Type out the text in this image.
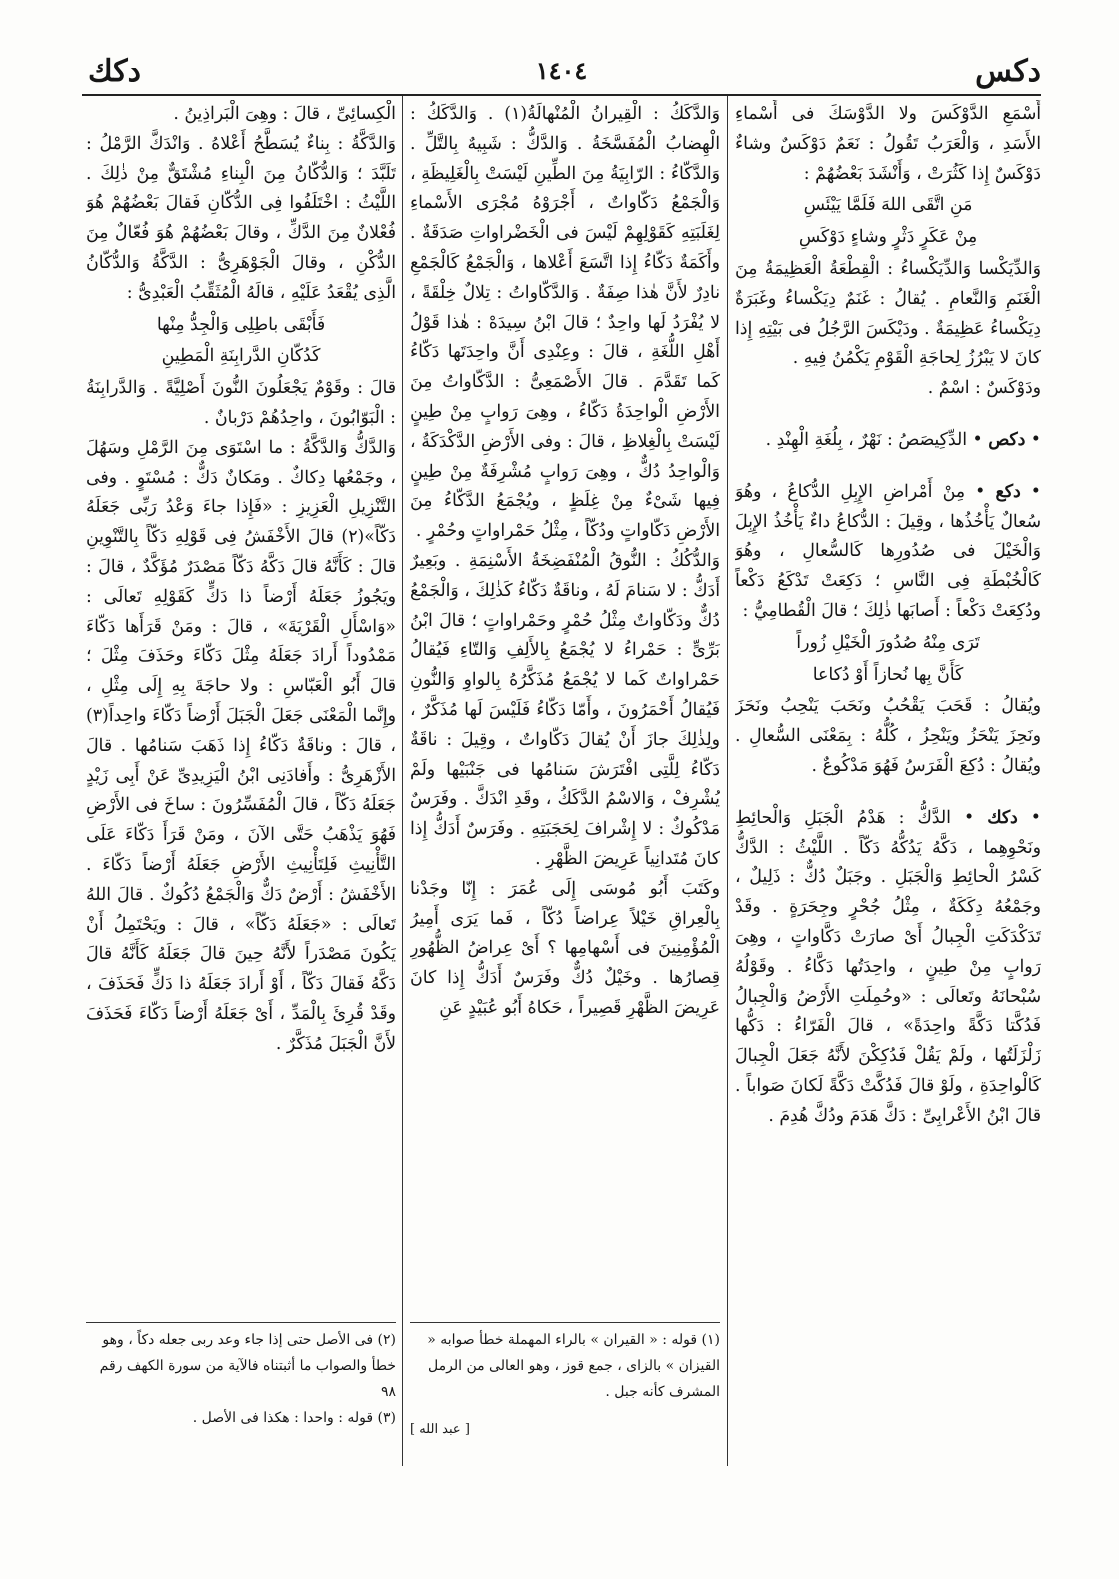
دكس
١٤٠٤
دكك

أَسْمَعِ الدَّوْكَسَ ولا الدَّوْسَكَ فى أَسْماءِ الأَسَدِ ، وَالْعَرَبُ تَقُولُ : نَعَمٌ دَوْكَسٌ وشاءٌ دَوْكَسٌ إِذا كَثُرَتْ ، وَأَنْشَدَ بَعْضُهُمْ :

مَنِ اتَّقَى اللهَ فَلَمَّا يَيْئَسِ

مِنْ عَكَرٍ دَثْرٍ وشاءٍ دَوْكَسِ

وَالدِّيَكْسا وَالدِّيَكْساءُ : الْقِطْعَةُ الْعَظِيمَةُ مِنَ الْغَنَمِ وَالنَّعامِ . يُقالُ : غَنَمٌ دِيَكْساءُ وغَبَرَةٌ دِيَكْساءُ عَظِيمَةٌ . ودَيْكَسَ الرَّجُلُ فى بَيْتِهِ إِذا كانَ لا يَبْرُزُ لِحاجَةِ الْقَوْمِ يَكْمُنُ فِيهِ .

ودَوْكَسٌ : اسْمٌ .

• دكص • الدِّكِيصَصُ : نَهْرٌ ، بِلُغَةِ الْهِنْدِ .

• دكع • مِنْ أَمْراضِ الإِبِلِ الدُّكاعُ ، وهُوَ سُعالٌ يَأْخُذُها ، وقِيلَ : الدُّكاعُ داءٌ يَأْخُذُ الإِبِلَ وَالْخَيْلَ فى صُدُورِها كَالسُّعالِ ، وهُوَ كَالْخُبْطَةِ فِى النَّاسِ ؛ دَكِعَتْ تَدْكَعُ دَكْعاً ودُكِعَتْ دَكْعاً : أَصابَها ذٰلِكَ ؛ قالَ الْقُطامِيُّ :

تَرَى مِنْهُ صُدُورَ الْخَيْلِ زُوراً

كَأَنَّ بِها نُحازاً أَوْ دُكاعا

ويُقالُ : قَحَبَ يَقْحُبُ ونَحَبَ يَنْحِبُ ونَحَزَ ونَحِزَ يَنْحَزُ ويَنْحِزُ ، كُلُّهُ : بِمَعْنَى السُّعالِ . ويُقالُ : دُكِعَ الْفَرَسُ فَهُوَ مَدْكُوعٌ .

• دكك • الدَّكُّ : هَدْمُ الْجَبَلِ وَالْحائِطِ ونَحْوِهِما ، دَكَّهُ يَدُكُّهُ دَكّاً . اللَّيْثُ : الدَّكُّ كَسْرُ الْحائِطِ وَالْجَبَلِ . وجَبَلٌ دُكٌّ : ذَلِيلٌ ، وجَمْعُهُ دِكَكَةٌ ، مِثْلُ جُحْرٍ وجِحَرَةٍ . وقَدْ تَدَكْدَكَتِ الْجِبالُ أَىْ صارَتْ دَكَّاواتٍ ، وهِىَ رَوابٍ مِنْ طِينٍ ، واحِدَتُها دَكَّاءُ . وقَوْلُهُ سُبْحانَهُ وتَعالَى : «وحُمِلَتِ الأَرْضُ وَالْجِبالُ فَدُكَّتا دَكَّةً واحِدَةً» ، قالَ الْفَرّاءُ : دَكُّها زَلْزَلَتُها ، ولَمْ يَقُلْ فَدُكِكْنَ لأَنَّهُ جَعَلَ الْجِبالَ كَالْواحِدَةِ ، ولَوْ قالَ فَدُكَّتْ دَكَّةً لَكانَ صَواباً . قالَ ابْنُ الأَعْرابِىِّ : دَكَّ هَدَمَ ودُكَّ هُدِمَ .

وَالدَّكَكُ : الْقِيرانُ الْمُنْهالَةُ(١) . وَالدَّكَكُ : الْهِضابُ الْمُفَسَّخَةُ . وَالدَّكُّ : شَبِيهٌ بِالتَّلِّ . وَالدَّكّاءُ : الرّابِيَةُ مِنَ الطِّينِ لَيْسَتْ بِالْغَلِيظَةِ ، وَالْجَمْعُ دَكّاواتٌ ، أَجْرَوْهُ مُجْرَى الأَسْماءِ لِغَلَبَتِهِ كَقَوْلِهِمْ لَيْسَ فى الْخَضْراواتِ صَدَقَةٌ . وأَكَمَةٌ دَكّاءُ إِذا اتَّسَعَ أَعْلاها ، وَالْجَمْعُ كَالْجَمْعِ نادِرٌ لأَنَّ هٰذا صِفَةٌ . وَالدَّكّاواتُ : تِلالٌ خِلْقَةً ، لا يُفْرَدُ لَها واحِدٌ ؛ قالَ ابْنُ سِيدَهْ : هٰذا قَوْلُ أَهْلِ اللُّغَةِ ، قالَ : وعِنْدِى أَنَّ واحِدَتَها دَكّاءُ كَما تَقَدَّمَ . قالَ الأَصْمَعِىُّ : الدَّكّاواتُ مِنَ الأَرْضِ الْواحِدَةُ دَكّاءُ ، وهِىَ رَوابٍ مِنْ طِينٍ لَيْسَتْ بِالْغِلاظِ ، قالَ : وفى الأَرْضِ الدَّكْدَكَةُ ، وَالْواحِدُ دُكٌّ ، وهِىَ رَوابٍ مُشْرِفَةٌ مِنْ طِينٍ فِيها شَىْءٌ مِنْ غِلَظٍ ، ويُجْمَعُ الدَّكّاءُ مِنَ الأَرْضِ دَكّاواتٍ ودُكّاً ، مِثْلُ حَمْراواتٍ وحُمْرٍ .

وَالدُّكُكُ : النُّوقُ الْمُنْفَضِخَةُ الأَسْنِمَةِ . وبَعِيرٌ أَدَكُّ : لا سَنامَ لَهُ ، وناقَةٌ دَكّاءُ كَذٰلِكَ ، وَالْجَمْعُ دُكٌّ ودَكّاواتٌ مِثْلُ حُمْرٍ وحَمْراواتٍ ؛ قالَ ابْنُ بَرِّىٍّ : حَمْراءُ لا يُجْمَعُ بِالأَلِفِ وَالتّاءِ فَيُقالُ حَمْراواتٌ كَما لا يُجْمَعُ مُذَكَّرُهُ بِالواوِ وَالنُّونِ فَيُقالُ أَحْمَرُونَ ، وأَمّا دَكّاءُ فَلَيْسَ لَها مُذَكَّرٌ ، ولِذٰلِكَ جازَ أَنْ يُقالَ دَكّاواتٌ ، وقِيلَ : ناقَةٌ دَكّاءُ لِلَّتِى افْتَرَشَ سَنامُها فى جَنْبَيْها ولَمْ يُشْرِفْ ، وَالاسْمُ الدَّكَكُ ، وقَدِ انْدَكَّ . وفَرَسٌ مَدْكُوكٌ : لا إِشْرافَ لِحَجَبَتِهِ . وفَرَسٌ أَدَكُّ إِذا كانَ مُتَدانِياً عَرِيضَ الظَّهْرِ .

وكَتَبَ أَبُو مُوسَى إِلَى عُمَرَ : إِنّا وجَدْنا بِالْعِراقِ خَيْلاً عِراضاً دُكّاً ، فَما يَرَى أَمِيرُ الْمُؤْمِنِينَ فى أَسْهامِها ؟ أَىْ عِراضُ الظُّهُورِ قِصارُها . وخَيْلٌ دُكٌّ وفَرَسٌ أَدَكُّ إِذا كانَ عَرِيضَ الظَّهْرِ قَصِيراً ، حَكاهُ أَبُو عُبَيْدٍ عَنِ

الْكِسائِىِّ ، قالَ : وهِىَ الْبَراذِينُ .

وَالدَّكَّةُ : بِناءٌ يُسَطَّحُ أَعْلاهُ . وَانْدَكَّ الرَّمْلُ : تَلَبَّدَ ؛ وَالدُّكّانُ مِنَ الْبِناءِ مُشْتَقٌّ مِنْ ذٰلِكَ . اللَّيْثُ : اخْتَلَفُوا فِى الدُّكّانِ فَقالَ بَعْضُهُمْ هُوَ فُعْلانٌ مِنَ الدَّكِّ ، وقالَ بَعْضُهُمْ هُوَ فُعّالٌ مِنَ الدُّكْنِ ، وقالَ الْجَوْهَرِىُّ : الدَّكَّةُ وَالدُّكّانُ الَّذِى يُقْعَدُ عَلَيْهِ ، قالَهُ الْمُثَقِّبُ الْعَبْدِىُّ :

فَأَبْقَى باطِلِى وَالْجِدُّ مِنْها

كَدُكّانِ الدَّرابِنَةِ الْمَطِينِ

قالَ : وقَوْمٌ يَجْعَلُونَ النُّونَ أَصْلِيَّةً . وَالدَّرابِنَةُ : الْبَوّابُونَ ، واحِدُهُمْ دَرْبانٌ .

وَالدَّكُّ وَالدَّكَّةُ : ما اسْتَوَى مِنَ الرَّمْلِ وسَهُلَ ، وجَمْعُها دِكاكٌ . ومَكانٌ دَكٌّ : مُسْتَوٍ . وفى التَّنْزِيلِ الْعَزِيزِ : «فَإِذا جاءَ وَعْدُ رَبِّى جَعَلَهُ دَكّاً»(٢) قالَ الأَخْفَشُ فِى قَوْلِهِ دَكّاً بِالتَّنْوِينِ قالَ : كَأَنَّهُ قالَ دَكَّهُ دَكّاً مَصْدَرٌ مُؤَكَّدٌ ، قالَ : ويَجُوزُ جَعَلَهُ أَرْضاً ذا دَكٍّ كَقَوْلِهِ تَعالَى : «وَاسْأَلِ الْقَرْيَةَ» ، قالَ : ومَنْ قَرَأَها دَكّاءَ مَمْدُوداً أَرادَ جَعَلَهُ مِثْلَ دَكّاءَ وحَذَفَ مِثْلَ ؛ قالَ أَبُو الْعَبّاسِ : ولا حاجَةَ بِهِ إِلَى مِثْلِ ، وإِنَّما الْمَعْنَى جَعَلَ الْجَبَلَ أَرْضاً دَكّاءَ واحِداً(٣) ، قالَ : وناقَةٌ دَكّاءُ إِذا ذَهَبَ سَنامُها . قالَ الأَزْهَرِىُّ : وأَفادَنِى ابْنُ الْيَزِيدِىِّ عَنْ أَبِى زَيْدٍ جَعَلَهُ دَكّاً ، قالَ الْمُفَسِّرُونَ : ساخَ فى الأَرْضِ فَهُوَ يَذْهَبُ حَتَّى الآنَ ، ومَنْ قَرَأَ دَكّاءَ عَلَى التَّأْنِيثِ فَلِتَأْنِيثِ الأَرْضِ جَعَلَهُ أَرْضاً دَكّاءَ . الأَخْفَشُ : أَرْضٌ دَكٌّ وَالْجَمْعُ دُكُوكٌ . قالَ اللهُ تَعالَى : «جَعَلَهُ دَكّاً» ، قالَ : ويَحْتَمِلُ أَنْ يَكُونَ مَصْدَراً لأَنَّهُ حِينَ قالَ جَعَلَهُ كَأَنَّهُ قالَ دَكَّهُ فَقالَ دَكّاً ، أَوْ أَرادَ جَعَلَهُ ذا دَكٍّ فَحَذَفَ ، وقَدْ قُرِئَ بِالْمَدِّ ، أَىْ جَعَلَهُ أَرْضاً دَكّاءَ فَحَذَفَ لأَنَّ الْجَبَلَ مُذَكَّرٌ .

(١) قوله : « القيران » بالراء المهملة خطأ صوابه « القيزان » بالزاى ، جمع قوز ، وهو العالى من الرمل المشرف كأنه جبل .
[ عبد الله ]
(٢) فى الأصل حتى إذا جاء وعد ربى جعله دكاً ، وهو خطأ والصواب ما أثبتناه فالآية من سورة الكهف رقم ٩٨
(٣) قوله : واحدا : هكذا فى الأصل .
